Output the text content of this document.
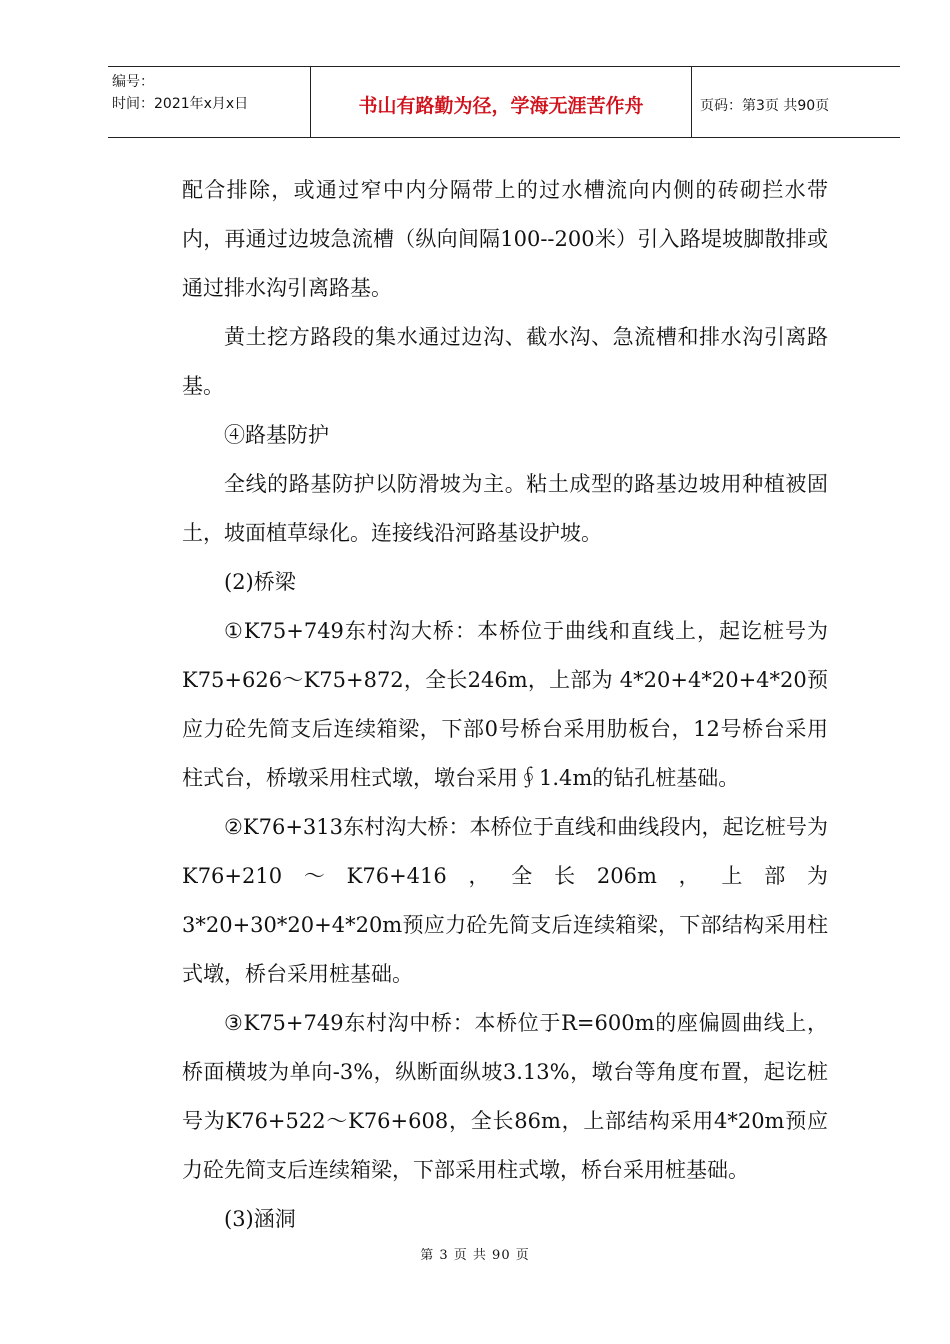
编号：
时间：2021年x月x日	书山有路勤为径，学海无涯苦作舟	页码：第3页 共90页

配合排除，或通过窄中内分隔带上的过水槽流向内侧的砖砌拦水带内，再通过边坡急流槽（纵向间隔100--200米）引入路堤坡脚散排或通过排水沟引离路基。

黄土挖方路段的集水通过边沟、截水沟、急流槽和排水沟引离路基。

④路基防护

全线的路基防护以防滑坡为主。粘土成型的路基边坡用种植被固土，坡面植草绿化。连接线沿河路基设护坡。

(2)桥梁

①K75+749东村沟大桥：本桥位于曲线和直线上，起讫桩号为K75+626～K75+872，全长246m，上部为 4*20+4*20+4*20预应力砼先简支后连续箱梁，下部0号桥台采用肋板台，12号桥台采用柱式台，桥墩采用柱式墩，墩台采用∮1.4m的钻孔桩基础。

②K76+313东村沟大桥：本桥位于直线和曲线段内，起讫桩号为K76+210～K76+416，全长206m，上部为3*20+30*20+4*20m预应力砼先简支后连续箱梁，下部结构采用柱式墩，桥台采用桩基础。

③K75+749东村沟中桥：本桥位于R=600m的座偏圆曲线上，桥面横坡为单向-3%，纵断面纵坡3.13%，墩台等角度布置，起讫桩号为K76+522～K76+608，全长86m，上部结构采用4*20m预应力砼先简支后连续箱梁，下部采用柱式墩，桥台采用桩基础。

(3)涵洞

第 3 页 共 90 页
